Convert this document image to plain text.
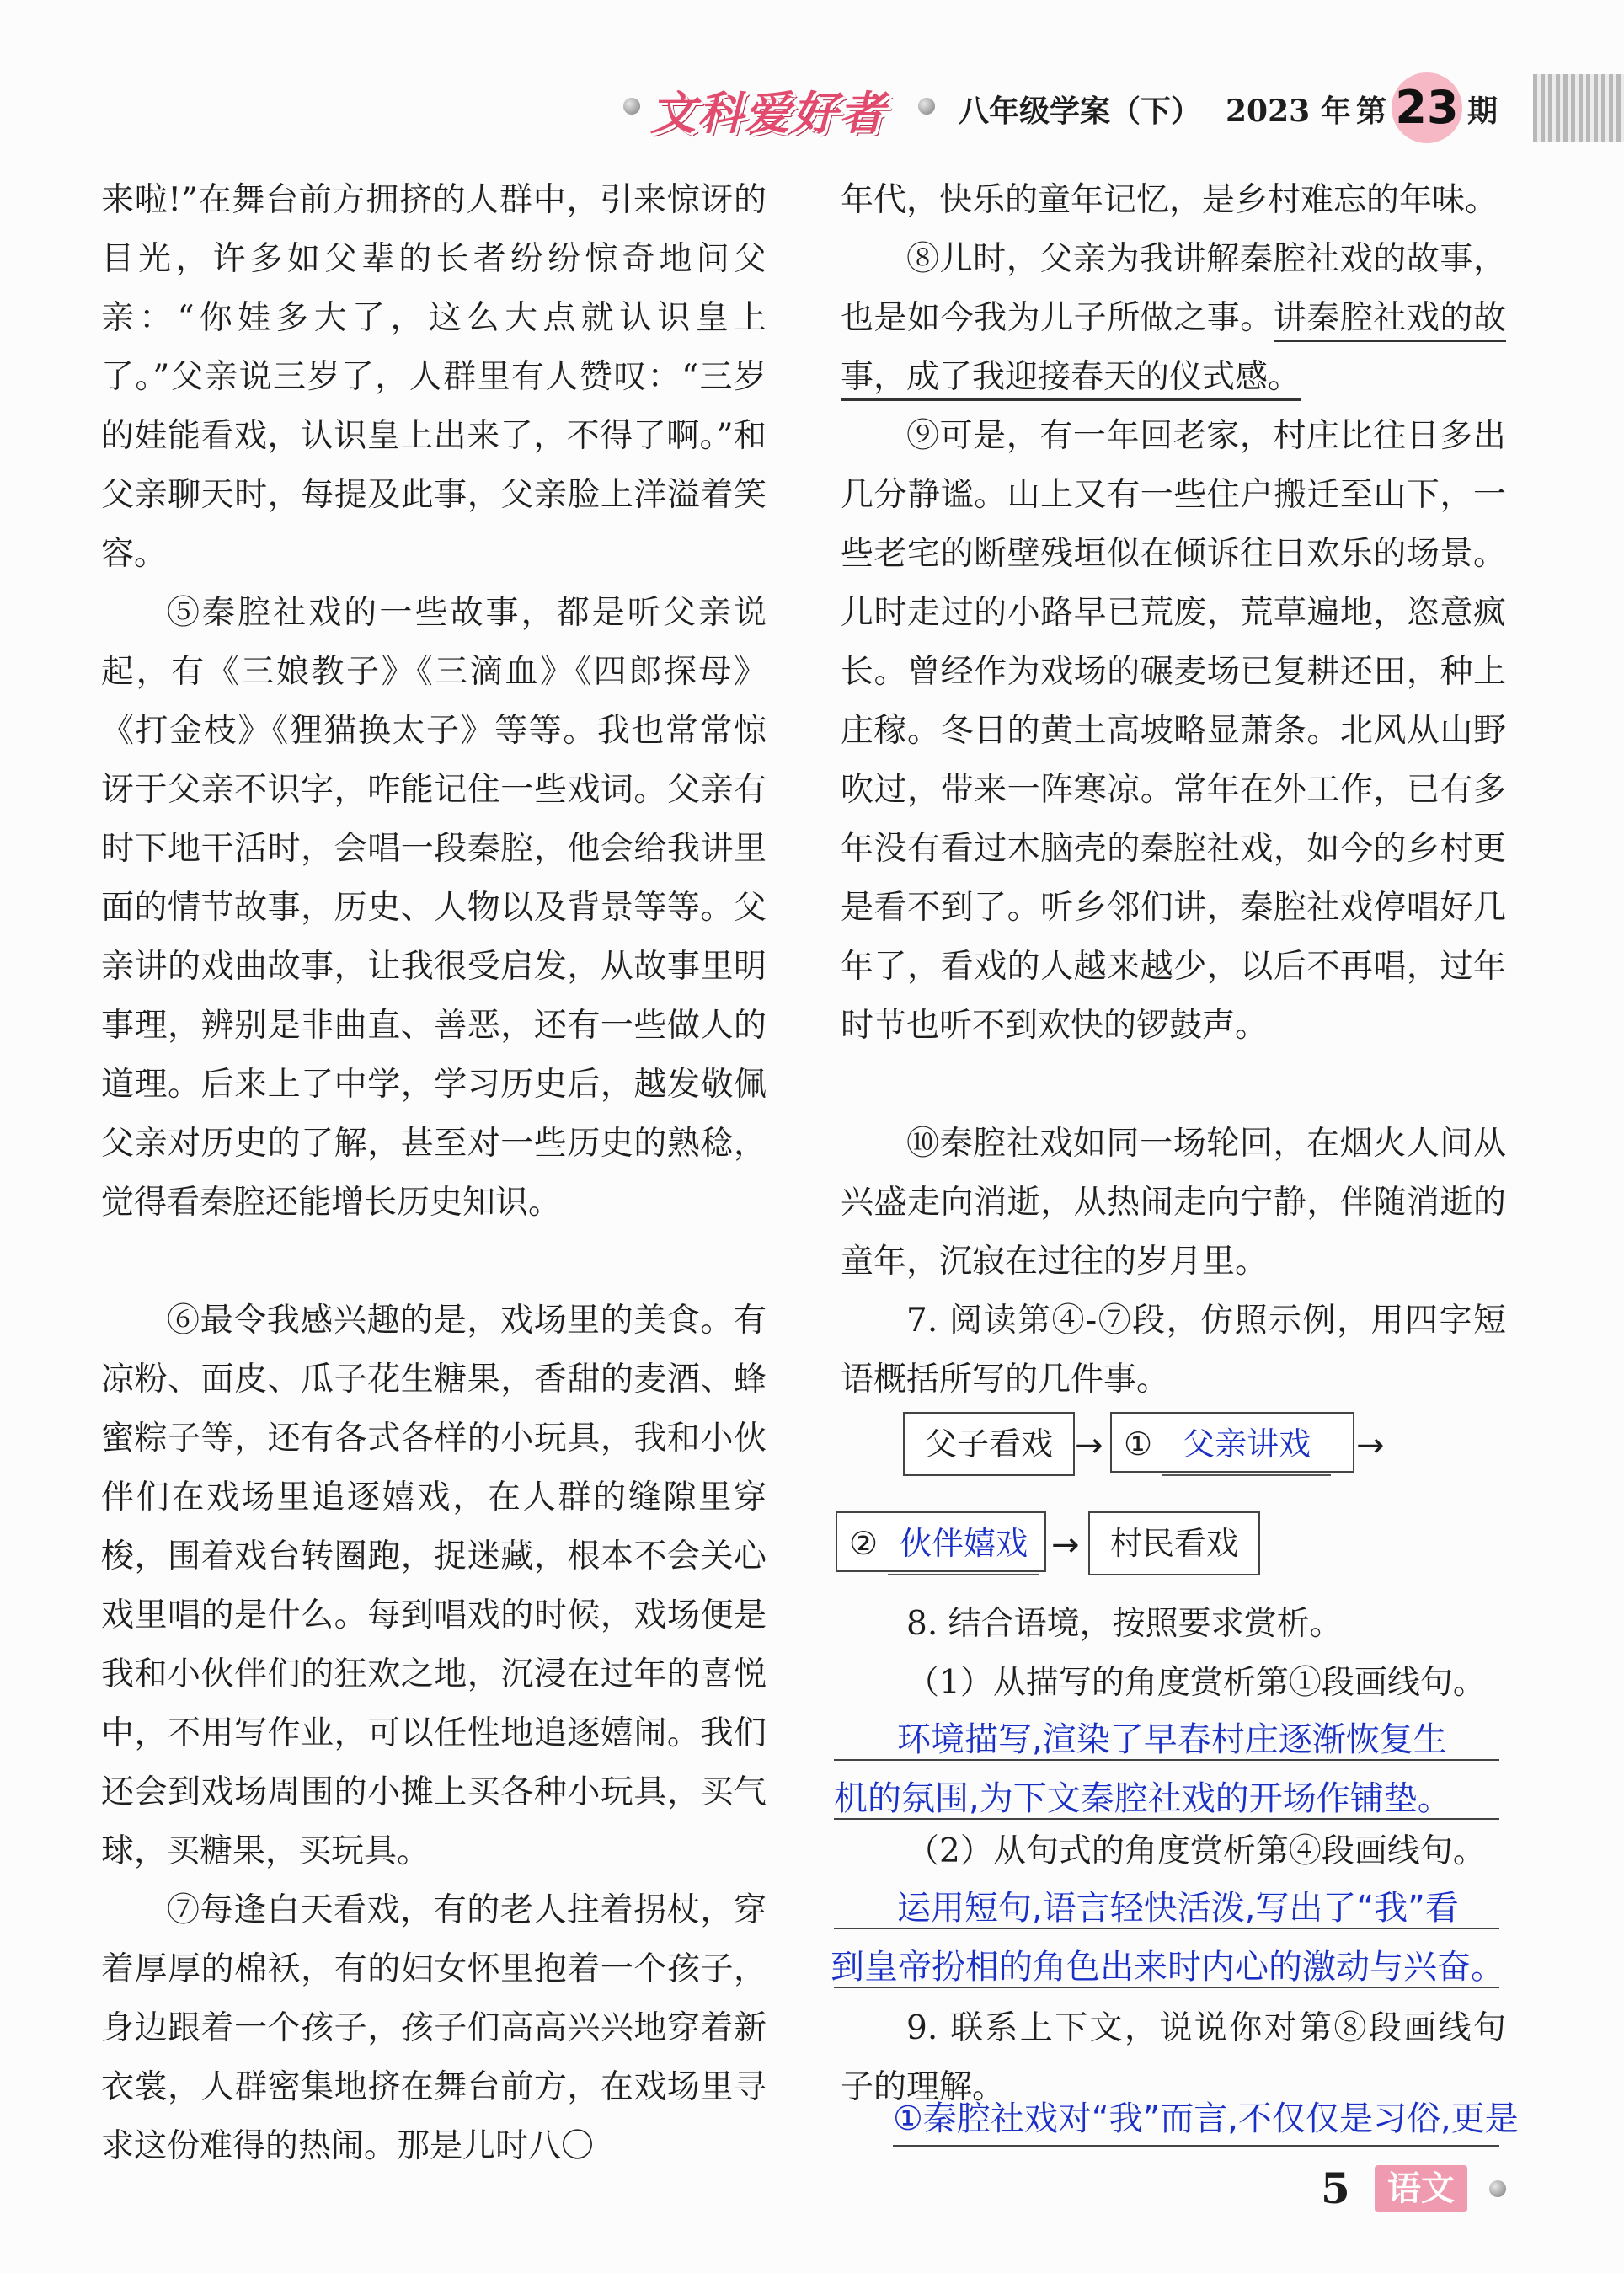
文科爱好者 八年级学案（下） 2023 年 第 23 期

来啦!”在舞台前方拥挤的人群中，引来惊讶的目光，许多如父辈的长者纷纷惊奇地问父亲：“你娃多大了，这么大点就认识皇上了。”父亲说三岁了，人群里有人赞叹：“三岁的娃能看戏，认识皇上出来了，不得了啊。”和父亲聊天时，每提及此事，父亲脸上洋溢着笑容。

⑤秦腔社戏的一些故事，都是听父亲说起，有《三娘教子》《三滴血》《四郎探母》《打金枝》《狸猫换太子》等等。我也常常惊讶于父亲不识字，咋能记住一些戏词。父亲有时下地干活时，会唱一段秦腔，他会给我讲里面的情节故事，历史、人物以及背景等等。父亲讲的戏曲故事，让我很受启发，从故事里明事理，辨别是非曲直、善恶，还有一些做人的道理。后来上了中学，学习历史后，越发敬佩父亲对历史的了解，甚至对一些历史的熟稔，觉得看秦腔还能增长历史知识。

⑥最令我感兴趣的是，戏场里的美食。有凉粉、面皮、瓜子花生糖果，香甜的麦酒、蜂蜜粽子等，还有各式各样的小玩具，我和小伙伴们在戏场里追逐嬉戏，在人群的缝隙里穿梭，围着戏台转圈跑，捉迷藏，根本不会关心戏里唱的是什么。每到唱戏的时候，戏场便是我和小伙伴们的狂欢之地，沉浸在过年的喜悦中，不用写作业，可以任性地追逐嬉闹。我们还会到戏场周围的小摊上买各种小玩具，买气球，买糖果，买玩具。

⑦每逢白天看戏，有的老人拄着拐杖，穿着厚厚的棉袄，有的妇女怀里抱着一个孩子，身边跟着一个孩子，孩子们高高兴兴地穿着新衣裳，人群密集地挤在舞台前方，在戏场里寻求这份难得的热闹。那是儿时八〇

年代，快乐的童年记忆，是乡村难忘的年味。

⑧儿时，父亲为我讲解秦腔社戏的故事，也是如今我为儿子所做之事。讲秦腔社戏的故事，成了我迎接春天的仪式感。

⑨可是，有一年回老家，村庄比往日多出几分静谧。山上又有一些住户搬迁至山下，一些老宅的断壁残垣似在倾诉往日欢乐的场景。儿时走过的小路早已荒废，荒草遍地，恣意疯长。曾经作为戏场的碾麦场已复耕还田，种上庄稼。冬日的黄土高坡略显萧条。北风从山野吹过，带来一阵寒凉。常年在外工作，已有多年没有看过木脑壳的秦腔社戏，如今的乡村更是看不到了。听乡邻们讲，秦腔社戏停唱好几年了，看戏的人越来越少，以后不再唱，过年时节也听不到欢快的锣鼓声。

⑩秦腔社戏如同一场轮回，在烟火人间从兴盛走向消逝，从热闹走向宁静，伴随消逝的童年，沉寂在过往的岁月里。

7. 阅读第④-⑦段，仿照示例，用四字短语概括所写的几件事。

父子看戏 → ① 父亲讲戏	→
② 伙伴嬉戏 → 村民看戏

8. 结合语境，按照要求赏析。

（1）从描写的角度赏析第①段画线句。

环境描写,渲染了早春村庄逐渐恢复生
机的氛围,为下文秦腔社戏的开场作铺垫。

（2）从句式的角度赏析第④段画线句。

运用短句,语言轻快活泼,写出了“我”看
到皇帝扮相的角色出来时内心的激动与兴奋。

9. 联系上下文，说说你对第⑧段画线句子的理解。

①秦腔社戏对“我”而言,不仅仅是习俗,更是
5	语文
